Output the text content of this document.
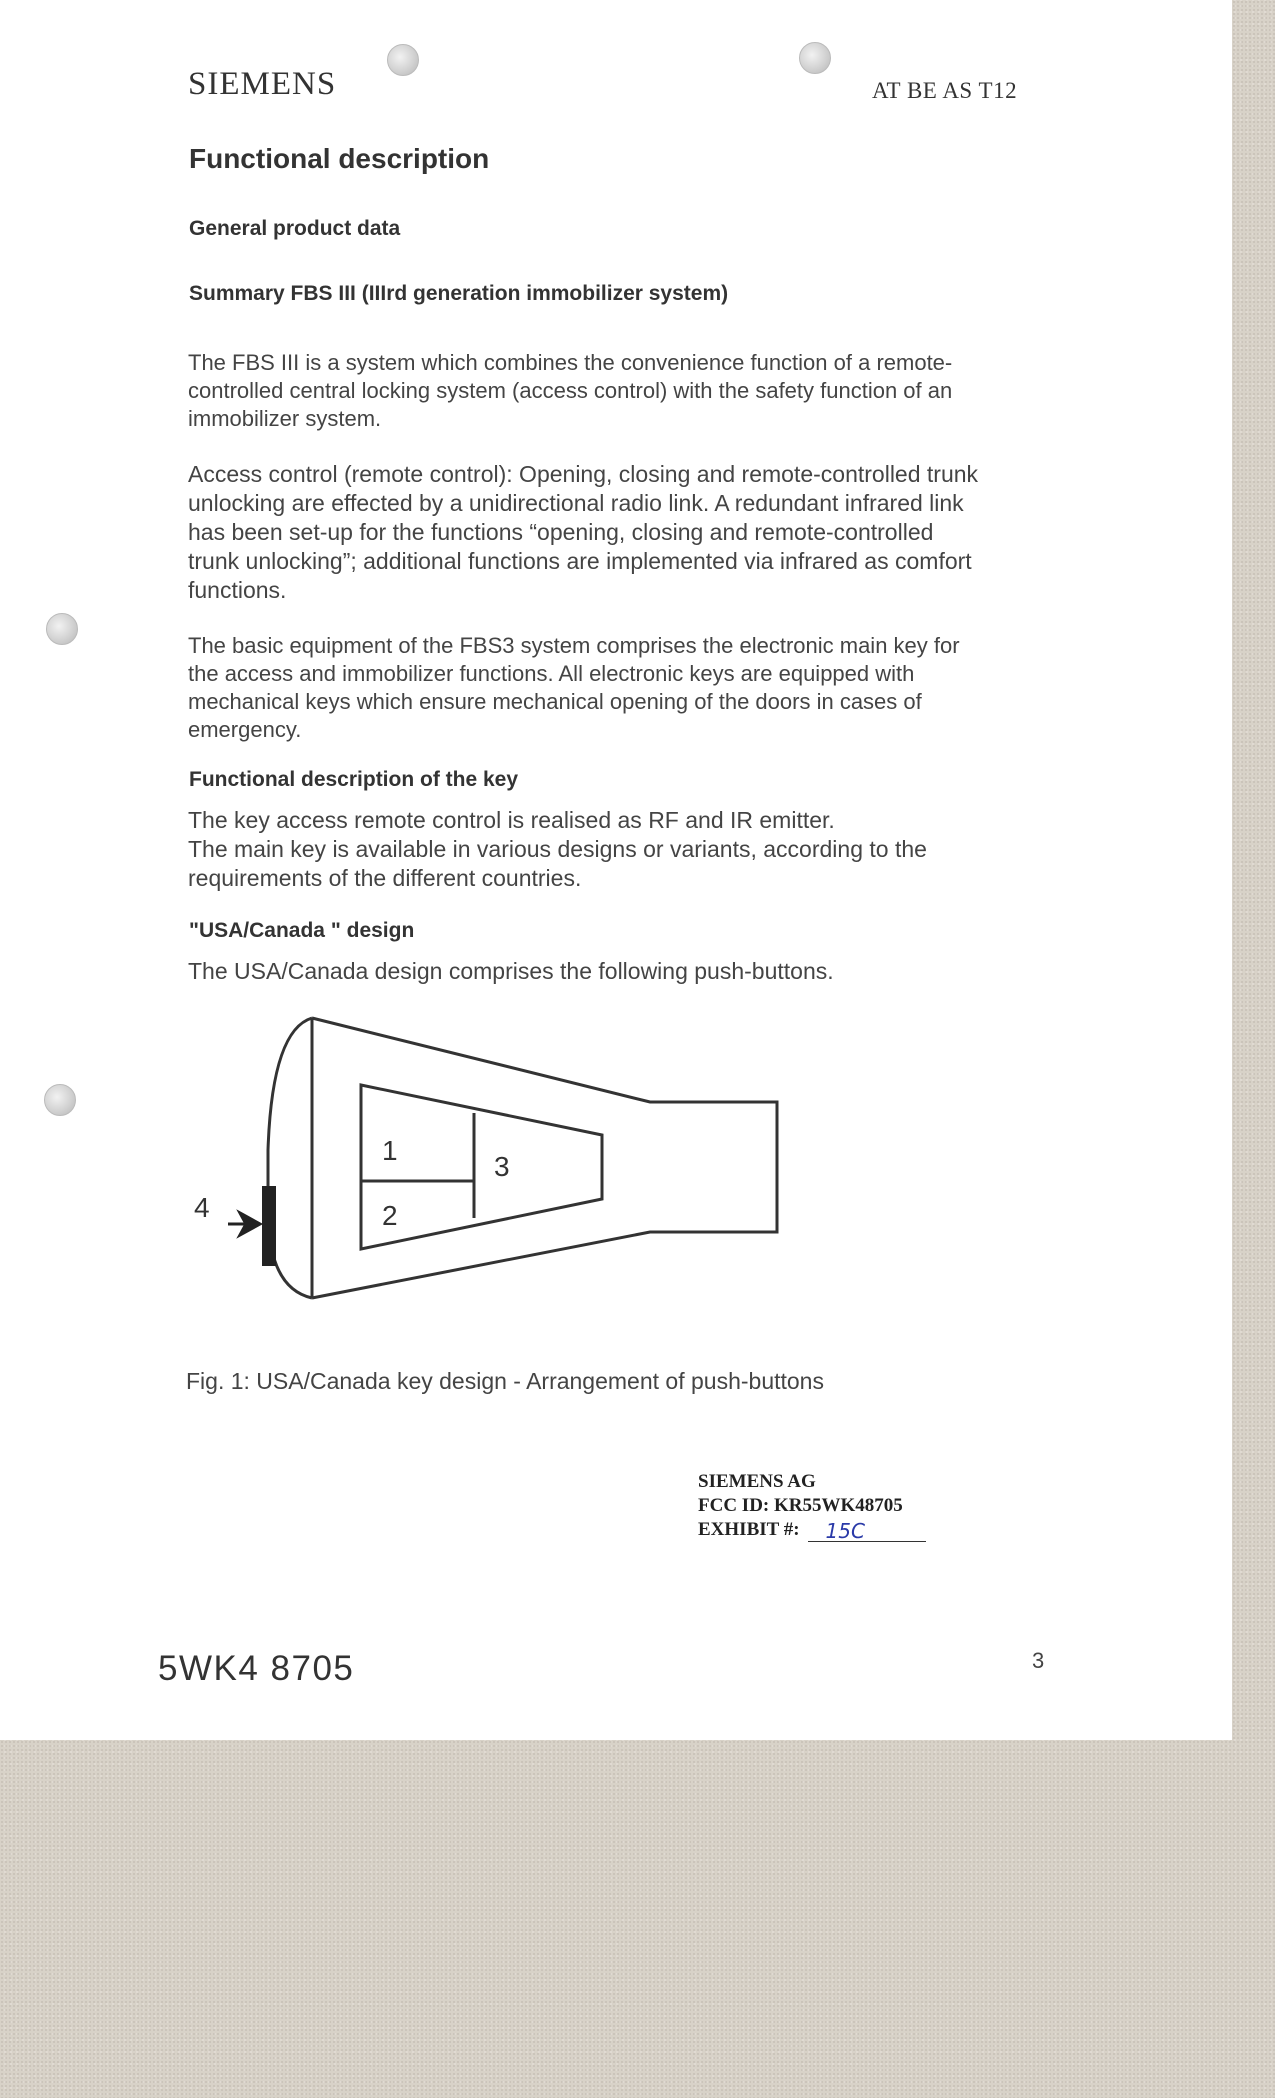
SIEMENS	AT BE AS T12
Functional description
General product data
Summary FBS III (IIIrd generation immobilizer system)

The FBS III is a system which combines the convenience function of a remote-
controlled central locking system (access control) with the safety function of an
immobilizer system.

Access control (remote control): Opening, closing and remote-controlled trunk
unlocking are effected by a unidirectional radio link. A redundant infrared link
has been set-up for the functions “opening, closing and remote-controlled
trunk unlocking”; additional functions are implemented via infrared as comfort
functions.

The basic equipment of the FBS3 system comprises the electronic main key for
the access and immobilizer functions. All electronic keys are equipped with
mechanical keys which ensure mechanical opening of the doors in cases of
emergency.

Functional description of the key

The key access remote control is realised as RF and IR emitter.
The main key is available in various designs or variants, according to the
requirements of the different countries.

"USA/Canada " design

The USA/Canada design comprises the following push-buttons.

1
2
3
4
Fig. 1: USA/Canada key design - Arrangement of push-buttons
SIEMENS AG
FCC ID: KR55WK48705
EXHIBIT #:	15C
5WK4 8705	3
